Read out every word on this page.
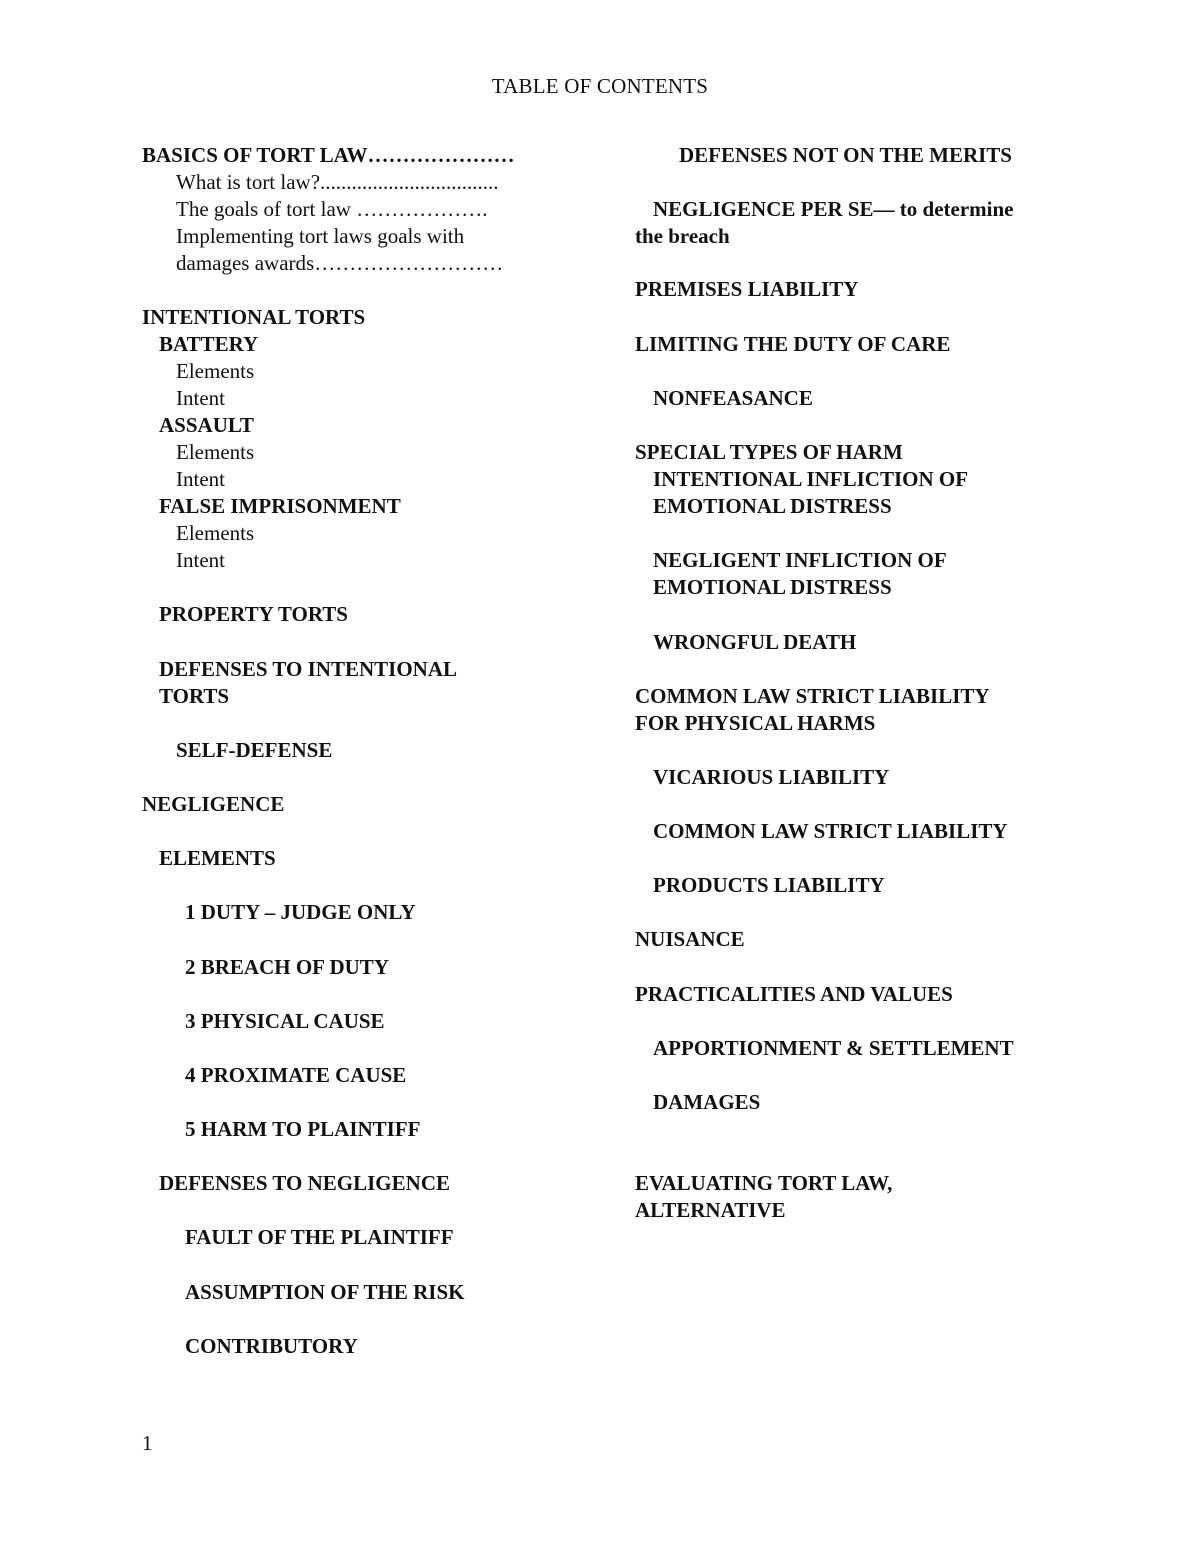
TABLE OF CONTENTS
BASICS OF TORT LAW…………………
What is tort law?..................................
The goals of tort law ……………….
Implementing tort laws goals with
damages awards………………………
INTENTIONAL TORTS
BATTERY
Elements
Intent
ASSAULT
Elements
Intent
FALSE IMPRISONMENT
Elements
Intent
PROPERTY TORTS
DEFENSES TO INTENTIONAL
TORTS
SELF-DEFENSE
NEGLIGENCE
ELEMENTS
1 DUTY – JUDGE ONLY
2 BREACH OF DUTY
3 PHYSICAL CAUSE
4 PROXIMATE CAUSE
5 HARM TO PLAINTIFF
DEFENSES TO NEGLIGENCE
FAULT OF THE PLAINTIFF
ASSUMPTION OF THE RISK
CONTRIBUTORY
DEFENSES NOT ON THE MERITS
NEGLIGENCE PER SE— to determine
the breach
PREMISES LIABILITY
LIMITING THE DUTY OF CARE
NONFEASANCE
SPECIAL TYPES OF HARM
INTENTIONAL INFLICTION OF
EMOTIONAL DISTRESS
NEGLIGENT INFLICTION OF
EMOTIONAL DISTRESS
WRONGFUL DEATH
COMMON LAW STRICT LIABILITY
FOR PHYSICAL HARMS
VICARIOUS LIABILITY
COMMON LAW STRICT LIABILITY
PRODUCTS LIABILITY
NUISANCE
PRACTICALITIES AND VALUES
APPORTIONMENT & SETTLEMENT
DAMAGES
EVALUATING TORT LAW,
ALTERNATIVE
1
